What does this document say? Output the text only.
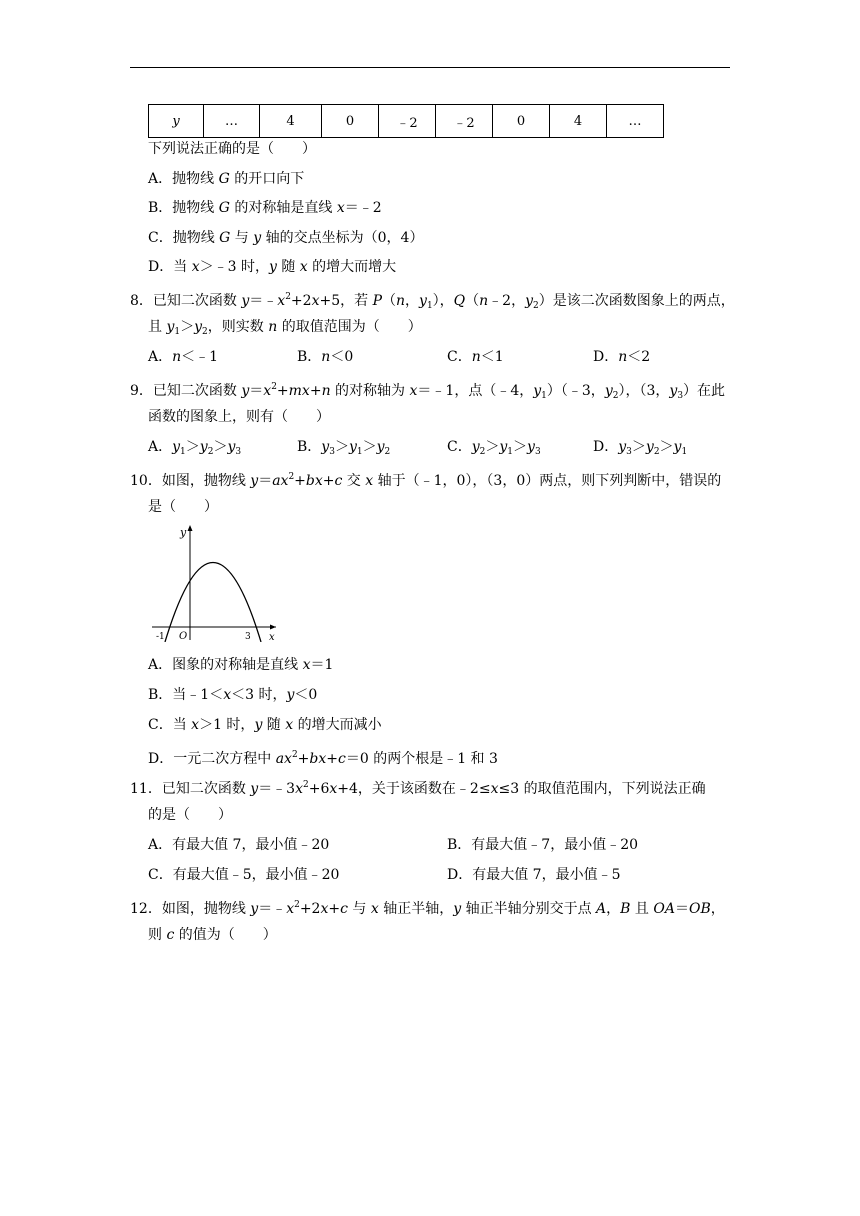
y	…	4	0	﹣2	﹣2	0	4	…
下列说法正确的是（　　）
A．抛物线 G 的开口向下
B．抛物线 G 的对称轴是直线 x＝﹣2
C．抛物线 G 与 y 轴的交点坐标为（0，4）
D．当 x＞﹣3 时，y 随 x 的增大而增大
8．已知二次函数 $y=﹣x^2+2x+5$，若 P（n，$y_1$），Q（n﹣2，$y_2$）是该二次函数图象上的两点，
且 $y_1>y_2$，则实数 n 的取值范围为（　　）
A．n＜﹣1	B．n＜0	C．n＜1	D．n＜2
9．已知二次函数 $y=x^2+mx+n$ 的对称轴为 x＝﹣1，点（﹣4，$y_1)(﹣3$，$y_2$），（3，$y_3$）在此
函数的图象上，则有（　　）
A．$y_1>y_2>y_3$	B．$y_3>y_1>y_2$	C．$y_2>y_1>y_3$	D．$y_3>y_2>y_1$
10．如图，抛物线 $y=ax^2+bx+c$ 交 x 轴于（﹣1，0），（3，0）两点，则下列判断中，错误的
是（　　）
y
x
O
-1	3
A．图象的对称轴是直线 x＝1
B．当﹣1＜x＜3 时，y＜0
C．当 x＞1 时，y 随 x 的增大而减小
D．一元二次方程中 $ax^2+bx+c=0$ 的两个根是﹣1 和 3
11．已知二次函数 $y=﹣3x^2+6x+4$，关于该函数在﹣2≤x≤3 的取值范围内，下列说法正确
的是（　　）
A．有最大值 7，最小值﹣20	B．有最大值﹣7，最小值﹣20
C．有最大值﹣5，最小值﹣20	D．有最大值 7，最小值﹣5
12．如图，抛物线 $y=﹣x^2+2x+c$ 与 x 轴正半轴，y 轴正半轴分别交于点 A，B 且 OA＝OB，
则 c 的值为（　　）
